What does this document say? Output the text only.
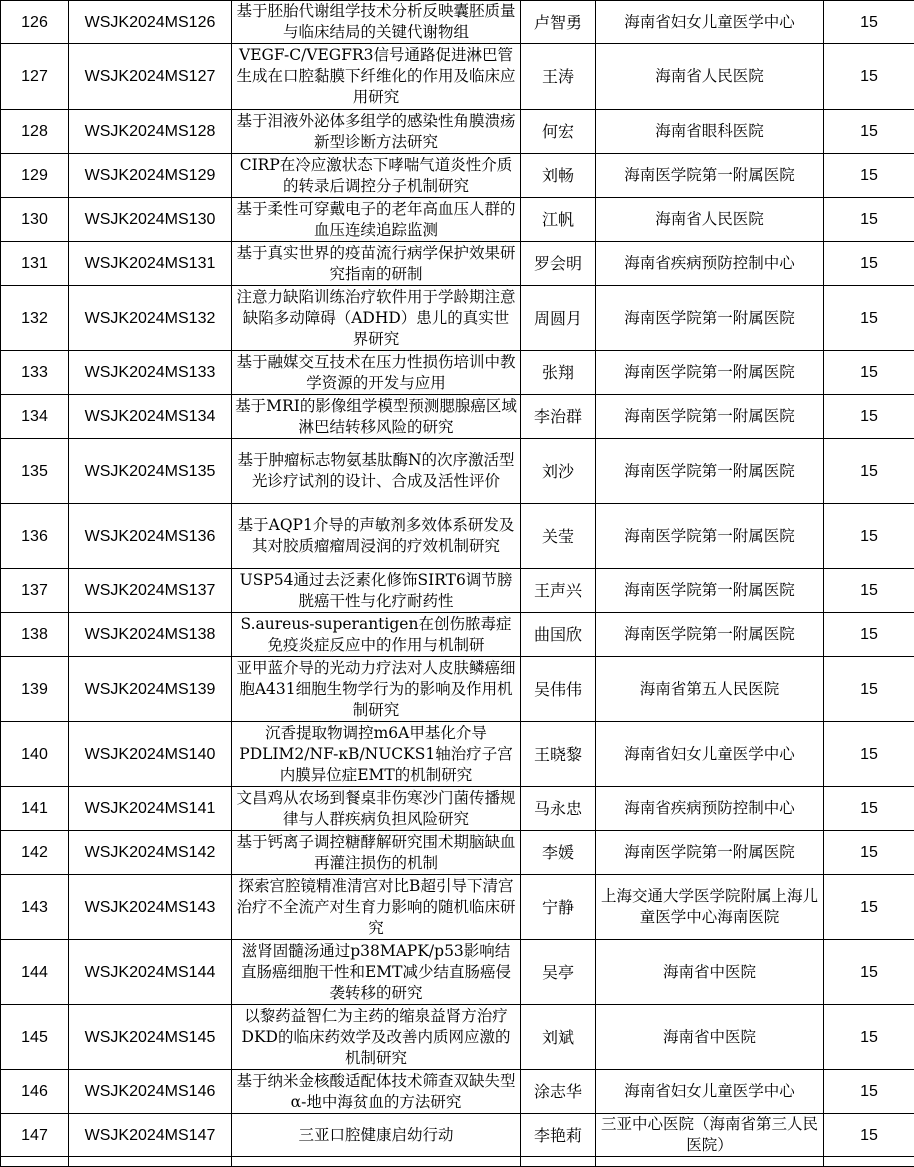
126	WSJK2024MS126	基于胚胎代谢组学技术分析反映囊胚质量与临床结局的关键代谢物组	卢智勇	海南省妇女儿童医学中心	15
127	WSJK2024MS127	VEGF-C/VEGFR3信号通路促进淋巴管生成在口腔黏膜下纤维化的作用及临床应用研究	王涛	海南省人民医院	15
128	WSJK2024MS128	基于泪液外泌体多组学的感染性角膜溃疡新型诊断方法研究	何宏	海南省眼科医院	15
129	WSJK2024MS129	CIRP在冷应激状态下哮喘气道炎性介质的转录后调控分子机制研究	刘畅	海南医学院第一附属医院	15
130	WSJK2024MS130	基于柔性可穿戴电子的老年高血压人群的血压连续追踪监测	江帆	海南省人民医院	15
131	WSJK2024MS131	基于真实世界的疫苗流行病学保护效果研究指南的研制	罗会明	海南省疾病预防控制中心	15
132	WSJK2024MS132	注意力缺陷训练治疗软件用于学龄期注意缺陷多动障碍（ADHD）患儿的真实世界研究	周圆月	海南医学院第一附属医院	15
133	WSJK2024MS133	基于融媒交互技术在压力性损伤培训中教学资源的开发与应用	张翔	海南医学院第一附属医院	15
134	WSJK2024MS134	基于MRI的影像组学模型预测腮腺癌区域淋巴结转移风险的研究	李治群	海南医学院第一附属医院	15
135	WSJK2024MS135	基于肿瘤标志物氨基肽酶N的次序激活型光诊疗试剂的设计、合成及活性评价	刘沙	海南医学院第一附属医院	15
136	WSJK2024MS136	基于AQP1介导的声敏剂多效体系研发及其对胶质瘤瘤周浸润的疗效机制研究	关莹	海南医学院第一附属医院	15
137	WSJK2024MS137	USP54通过去泛素化修饰SIRT6调节膀胱癌干性与化疗耐药性	王声兴	海南医学院第一附属医院	15
138	WSJK2024MS138	S.aureus-superantigen在创伤脓毒症免疫炎症反应中的作用与机制研	曲国欣	海南医学院第一附属医院	15
139	WSJK2024MS139	亚甲蓝介导的光动力疗法对人皮肤鳞癌细胞A431细胞生物学行为的影响及作用机制研究	吴伟伟	海南省第五人民医院	15
140	WSJK2024MS140	沉香提取物调控m6A甲基化介导PDLIM2/NF-κB/NUCKS1轴治疗子宫内膜异位症EMT的机制研究	王晓黎	海南省妇女儿童医学中心	15
141	WSJK2024MS141	文昌鸡从农场到餐桌非伤寒沙门菌传播规律与人群疾病负担风险研究	马永忠	海南省疾病预防控制中心	15
142	WSJK2024MS142	基于钙离子调控糖酵解研究围术期脑缺血再灌注损伤的机制	李媛	海南医学院第一附属医院	15
143	WSJK2024MS143	探索宫腔镜精准清宫对比B超引导下清宫治疗不全流产对生育力影响的随机临床研究	宁静	上海交通大学医学院附属上海儿童医学中心海南医院	15
144	WSJK2024MS144	滋肾固髓汤通过p38MAPK/p53影响结直肠癌细胞干性和EMT减少结直肠癌侵袭转移的研究	吴亭	海南省中医院	15
145	WSJK2024MS145	以黎药益智仁为主药的缩泉益肾方治疗DKD的临床药效学及改善内质网应激的机制研究	刘斌	海南省中医院	15
146	WSJK2024MS146	基于纳米金核酸适配体技术筛查双缺失型α-地中海贫血的方法研究	涂志华	海南省妇女儿童医学中心	15
147	WSJK2024MS147	三亚口腔健康启幼行动	李艳莉	三亚中心医院（海南省第三人民医院）	15
